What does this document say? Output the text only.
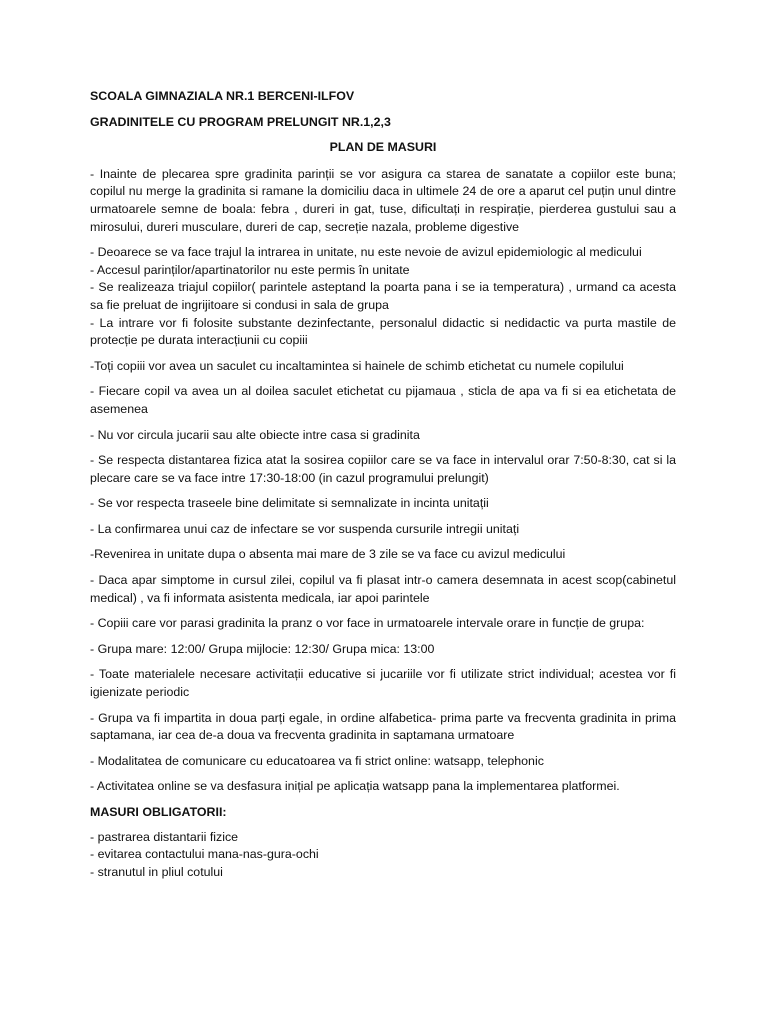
SCOALA GIMNAZIALA NR.1 BERCENI-ILFOV

GRADINITELE CU PROGRAM PRELUNGIT NR.1,2,3

PLAN DE MASURI

- Inainte de plecarea spre gradinita parinții se vor asigura ca starea de sanatate a copiilor este buna; copilul nu merge la gradinita si ramane la domiciliu daca in ultimele 24 de ore a aparut cel puțin unul dintre urmatoarele semne de boala: febra , dureri in gat, tuse, dificultați in respirație, pierderea gustului sau a mirosului, dureri musculare, dureri de cap, secreție nazala, probleme digestive

- Deoarece se va face trajul la intrarea in unitate, nu este nevoie de avizul epidemiologic al medicului

- Accesul parinților/apartinatorilor nu este permis în unitate

- Se realizeaza triajul copiilor( parintele asteptand la poarta pana i se ia temperatura) , urmand ca acesta sa fie preluat de ingrijitoare si condusi in sala de grupa

- La intrare vor fi folosite substante dezinfectante, personalul didactic si nedidactic va purta mastile de protecție pe durata interacțiunii cu copiii

-Toți copiii vor avea un saculet cu incaltamintea si hainele de schimb etichetat cu numele copilului

- Fiecare copil va avea un al doilea saculet etichetat cu pijamaua , sticla de apa va fi si ea etichetata de asemenea

- Nu vor circula jucarii sau alte obiecte intre casa si gradinita

- Se respecta distantarea fizica atat la sosirea copiilor care se va face in intervalul orar 7:50-8:30, cat si la plecare care se va face intre 17:30-18:00 (in cazul programului prelungit)

- Se vor respecta traseele bine delimitate si semnalizate in incinta unitații

- La confirmarea unui caz de infectare se vor suspenda cursurile intregii unitați

-Revenirea in unitate dupa o absenta mai mare de 3 zile se va face cu avizul medicului

- Daca apar simptome in cursul zilei, copilul va fi plasat intr-o camera desemnata in acest scop(cabinetul medical) , va fi informata asistenta medicala, iar apoi parintele

- Copiii care vor parasi gradinita la pranz o vor face in urmatoarele intervale orare in funcție de grupa:

- Grupa mare: 12:00/ Grupa mijlocie: 12:30/ Grupa mica: 13:00

- Toate materialele necesare activitații educative si jucariile vor fi utilizate strict individual; acestea vor fi igienizate periodic

- Grupa va fi impartita in doua parți egale, in ordine alfabetica- prima parte va frecventa gradinita in prima saptamana, iar cea de-a doua va frecventa gradinita in saptamana urmatoare

- Modalitatea de comunicare cu educatoarea va fi strict online: watsapp, telephonic

- Activitatea online se va desfasura inițial pe aplicația watsapp pana la implementarea platformei.

MASURI OBLIGATORII:

- pastrarea distantarii fizice

- evitarea contactului mana-nas-gura-ochi

- stranutul in pliul cotului
